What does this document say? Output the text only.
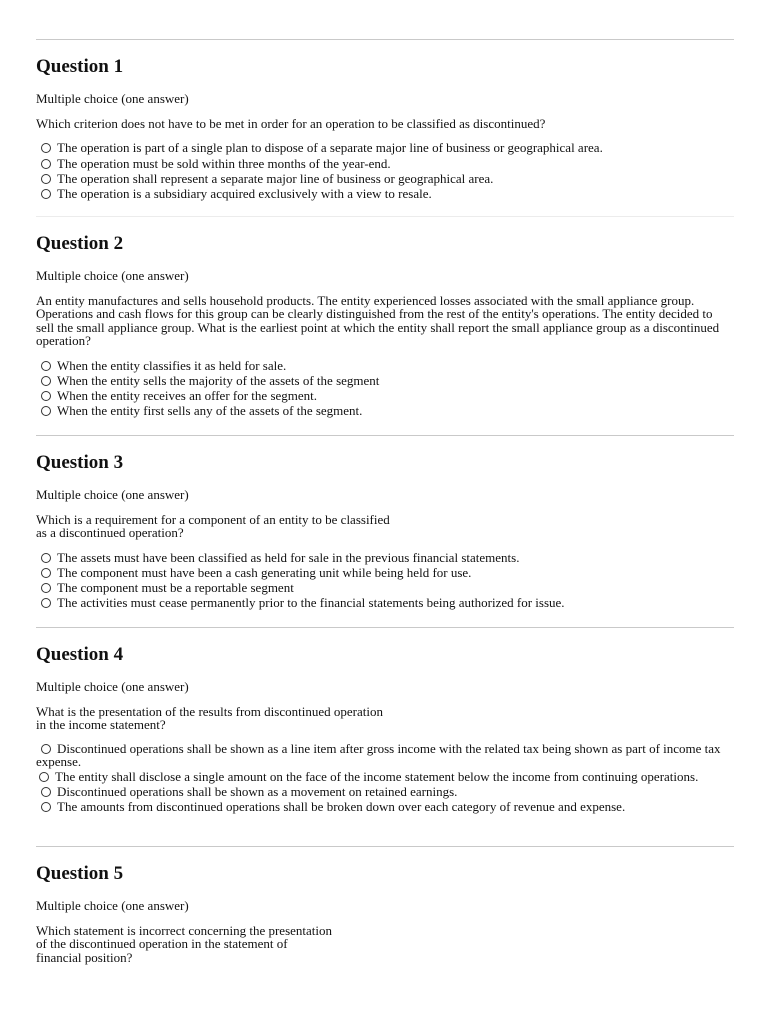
Question 1

Multiple choice (one answer)

Which criterion does not have to be met in order for an operation to be classified as discontinued?

The operation is part of a single plan to dispose of a separate major line of business or geographical area.
The operation must be sold within three months of the year-end.
The operation shall represent a separate major line of business or geographical area.
The operation is a subsidiary acquired exclusively with a view to resale.
Question 2

Multiple choice (one answer)

An entity manufactures and sells household products. The entity experienced losses associated with the small appliance group. Operations and cash flows for this group can be clearly distinguished from the rest of the entity's operations. The entity decided to sell the small appliance group. What is the earliest point at which the entity shall report the small appliance group as a discontinued operation?

When the entity classifies it as held for sale.
When the entity sells the majority of the assets of the segment
When the entity receives an offer for the segment.
When the entity first sells any of the assets of the segment.
Question 3

Multiple choice (one answer)

Which is a requirement for a component of an entity to be classified as a discontinued operation?

The assets must have been classified as held for sale in the previous financial statements.
The component must have been a cash generating unit while being held for use.
The component must be a reportable segment
The activities must cease permanently prior to the financial statements being authorized for issue.
Question 4

Multiple choice (one answer)

What is the presentation of the results from discontinued operation in the income statement?

Discontinued operations shall be shown as a line item after gross income with the related tax being shown as part of income tax expense.
The entity shall disclose a single amount on the face of the income statement below the income from continuing operations.
Discontinued operations shall be shown as a movement on retained earnings.
The amounts from discontinued operations shall be broken down over each category of revenue and expense.
Question 5

Multiple choice (one answer)

Which statement is incorrect concerning the presentation of the discontinued operation in the statement of financial position?
